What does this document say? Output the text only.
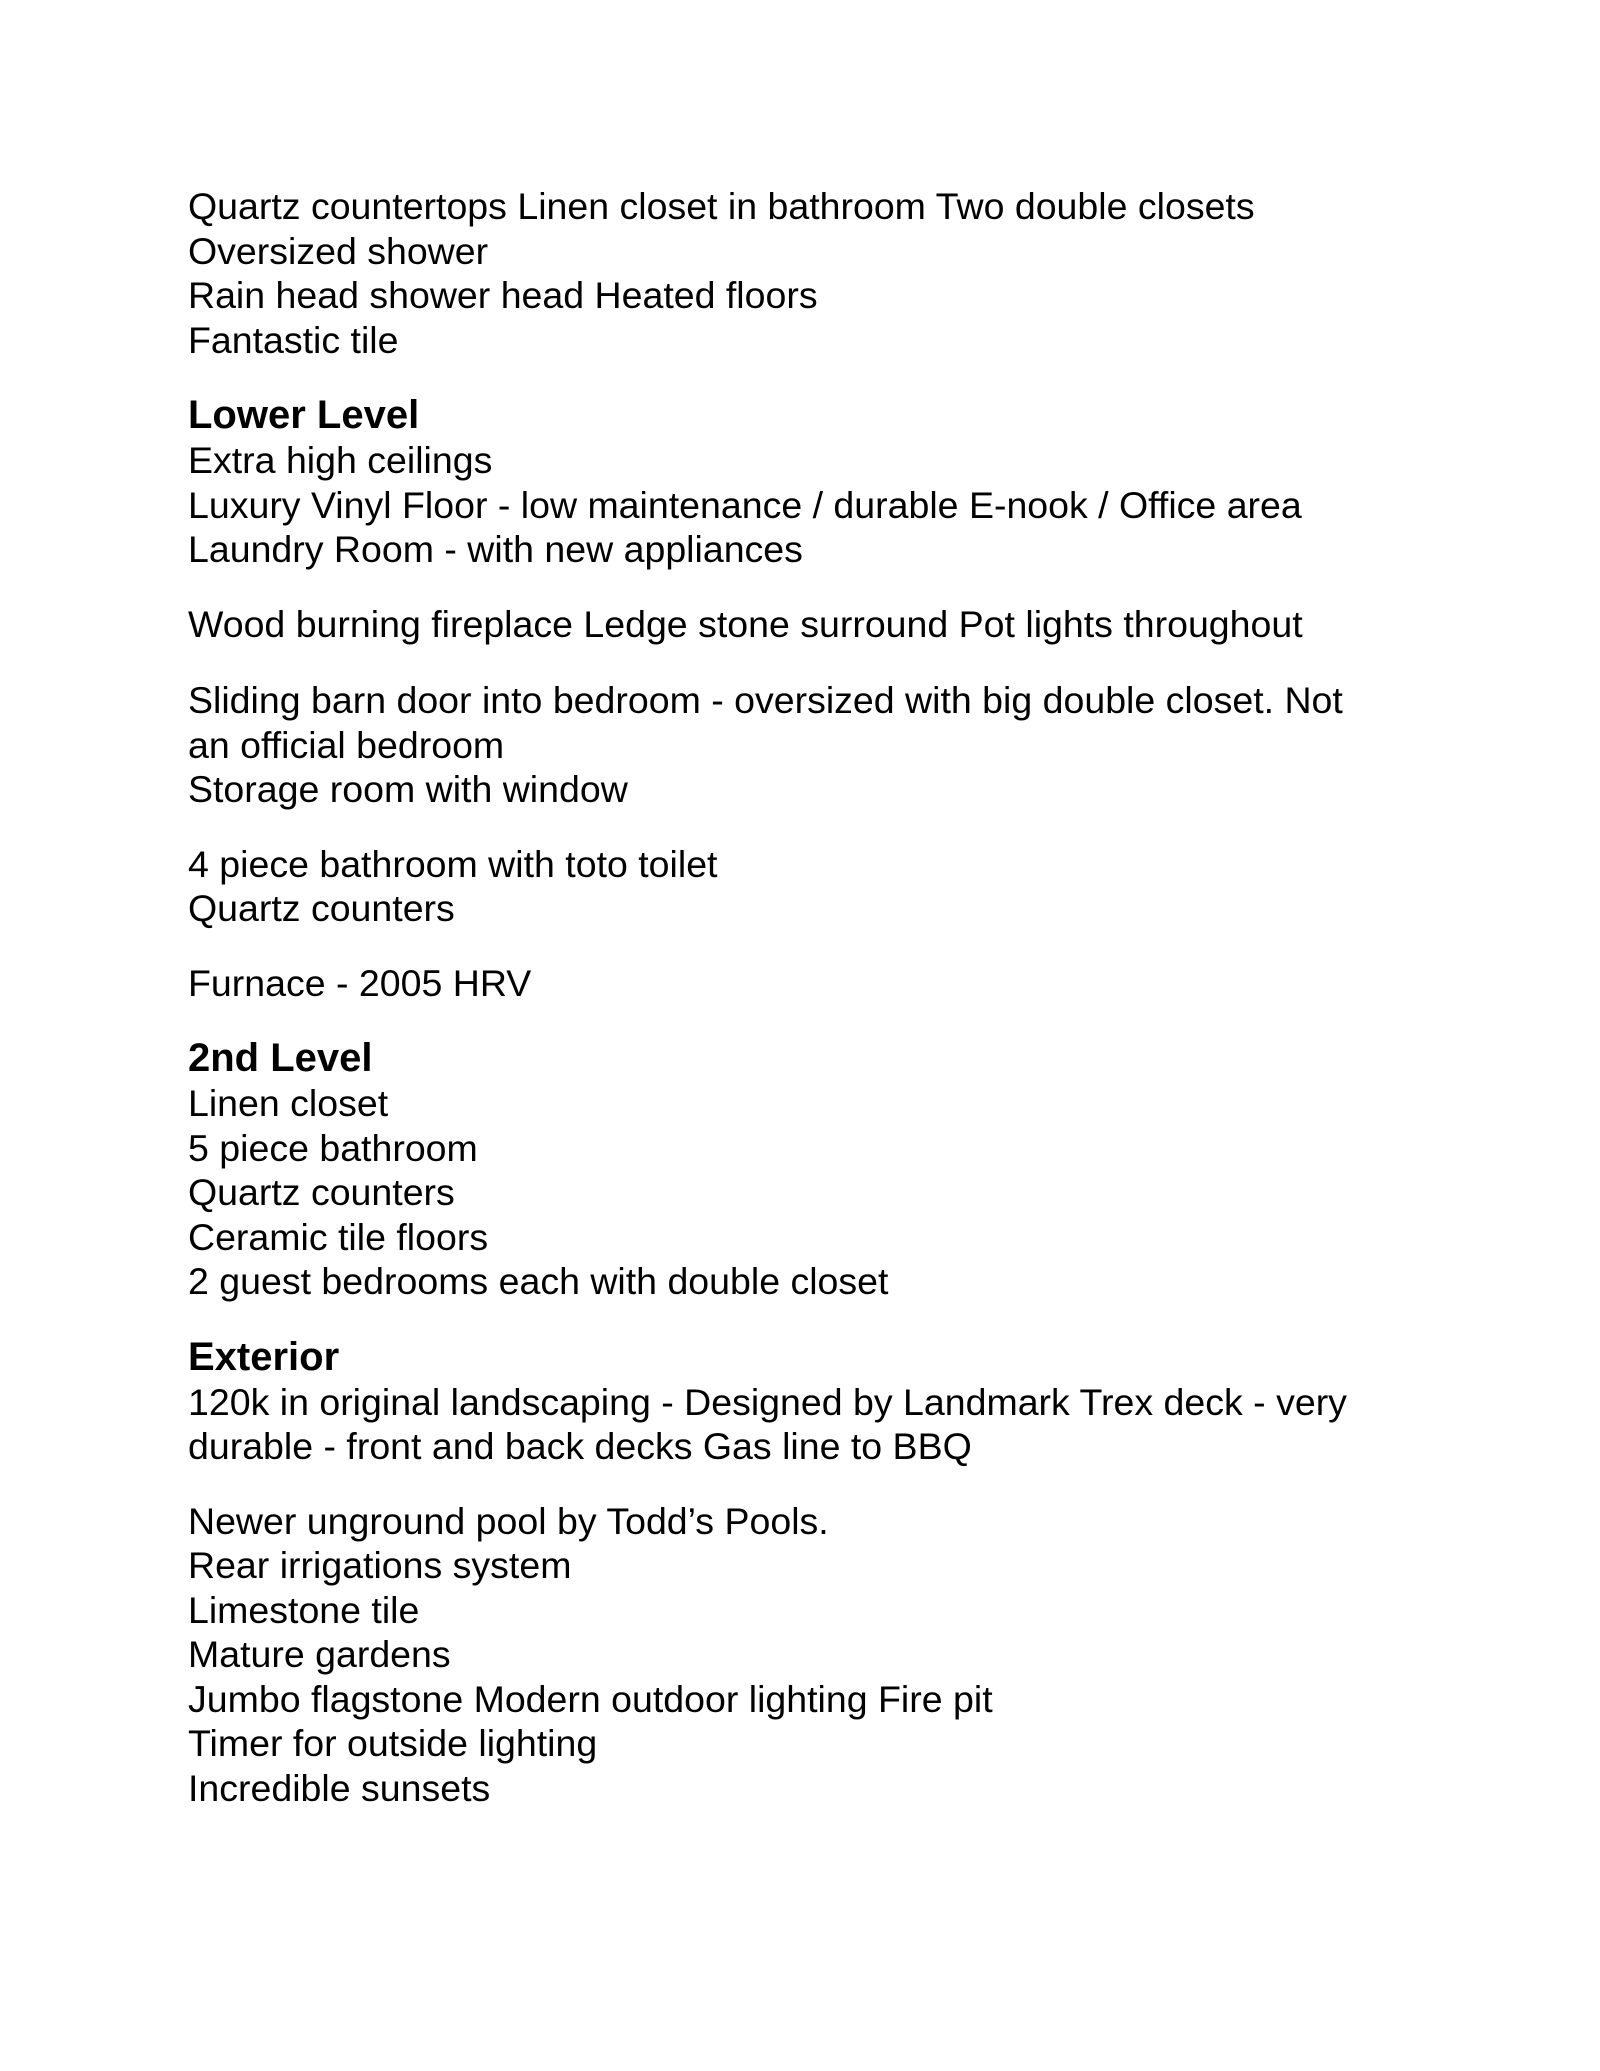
Quartz countertops Linen closet in bathroom Two double closets
Oversized shower
Rain head shower head Heated floors
Fantastic tile
Lower Level
Extra high ceilings
Luxury Vinyl Floor - low maintenance / durable E-nook / Office area
Laundry Room - with new appliances
Wood burning fireplace Ledge stone surround Pot lights throughout
Sliding barn door into bedroom - oversized with big double closet. Not
an official bedroom
Storage room with window
4 piece bathroom with toto toilet
Quartz counters
Furnace - 2005 HRV
2nd Level
Linen closet
5 piece bathroom
Quartz counters
Ceramic tile floors
2 guest bedrooms each with double closet
Exterior
120k in original landscaping - Designed by Landmark Trex deck - very
durable - front and back decks Gas line to BBQ
Newer unground pool by Todd’s Pools.
Rear irrigations system
Limestone tile
Mature gardens
Jumbo flagstone Modern outdoor lighting Fire pit
Timer for outside lighting
Incredible sunsets
